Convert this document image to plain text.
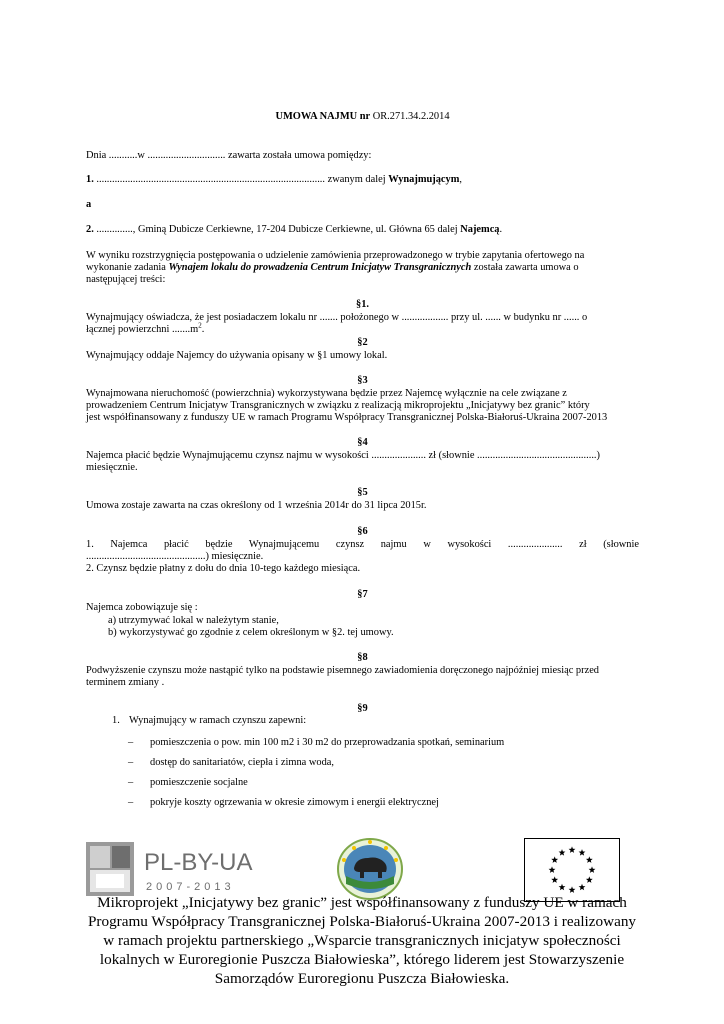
UMOWA NAJMU nr OR.271.34.2.2014
Dnia ...........w .............................. zawarta została umowa pomiędzy:
1. ........................................................................................ zwanym dalej Wynajmującym,
a
2. .............., Gminą Dubicze Cerkiewne, 17-204 Dubicze Cerkiewne, ul. Główna 65 dalej Najemcą.
W wyniku rozstrzygnięcia postępowania o udzielenie zamówienia przeprowadzonego w trybie zapytania ofertowego na
wykonanie zadania Wynajem lokalu do prowadzenia Centrum Inicjatyw Transgranicznych została zawarta umowa o
następującej treści:
§1.
Wynajmujący oświadcza, że jest posiadaczem lokalu nr ....... położonego w .................. przy ul. ...... w budynku nr ...... o
łącznej powierzchni $.......m^2$.
§2
Wynajmujący oddaje Najemcy do używania opisany w §1 umowy lokal.
§3
Wynajmowana nieruchomość (powierzchnia) wykorzystywana będzie przez Najemcę wyłącznie na cele związane z
prowadzeniem Centrum Inicjatyw Transgranicznych w związku z realizacją mikroprojektu „Inicjatywy bez granic” który
jest współfinansowany z funduszy UE w ramach Programu Współpracy Transgranicznej Polska-Białoruś-Ukraina 2007-2013
§4
Najemca płacić będzie Wynajmującemu czynsz najmu w wysokości ..................... zł (słownie ..............................................)
miesięcznie.
§5
Umowa zostaje zawarta na czas określony od 1 września 2014r do 31 lipca 2015r.
§6
1. Najemca płacić będzie Wynajmującemu czynsz najmu w wysokości ..................... zł (słownie
..............................................) miesięcznie.
2. Czynsz będzie płatny z dołu do dnia 10-tego każdego miesiąca.
§7
Najemca zobowiązuje się :
a) utrzymywać lokal w należytym stanie,
b) wykorzystywać go zgodnie z celem określonym w §2. tej umowy.
§8
Podwyższenie czynszu może nastąpić tylko na podstawie pisemnego zawiadomienia doręczonego najpóźniej miesiąc przed
terminem zmiany .
§9
1. Wynajmujący w ramach czynszu zapewni:
– pomieszczenia o pow. min 100 m2 i 30 m2 do przeprowadzania spotkań, seminarium
– dostęp do sanitariatów, ciepła i zimna woda,
– pomieszczenie socjalne
– pokryje koszty ogrzewania w okresie zimowym i energii elektrycznej
PL-BY-UA
2007-2013
Mikroprojekt „Inicjatywy bez granic” jest współfinansowany z funduszy UE w ramach
Programu Współpracy Transgranicznej Polska-Białoruś-Ukraina 2007-2013 i realizowany
w ramach projektu partnerskiego „Wsparcie transgranicznych inicjatyw społeczności
lokalnych w Euroregionie Puszcza Białowieska”, którego liderem jest Stowarzyszenie
Samorządów Euroregionu Puszcza Białowieska.
